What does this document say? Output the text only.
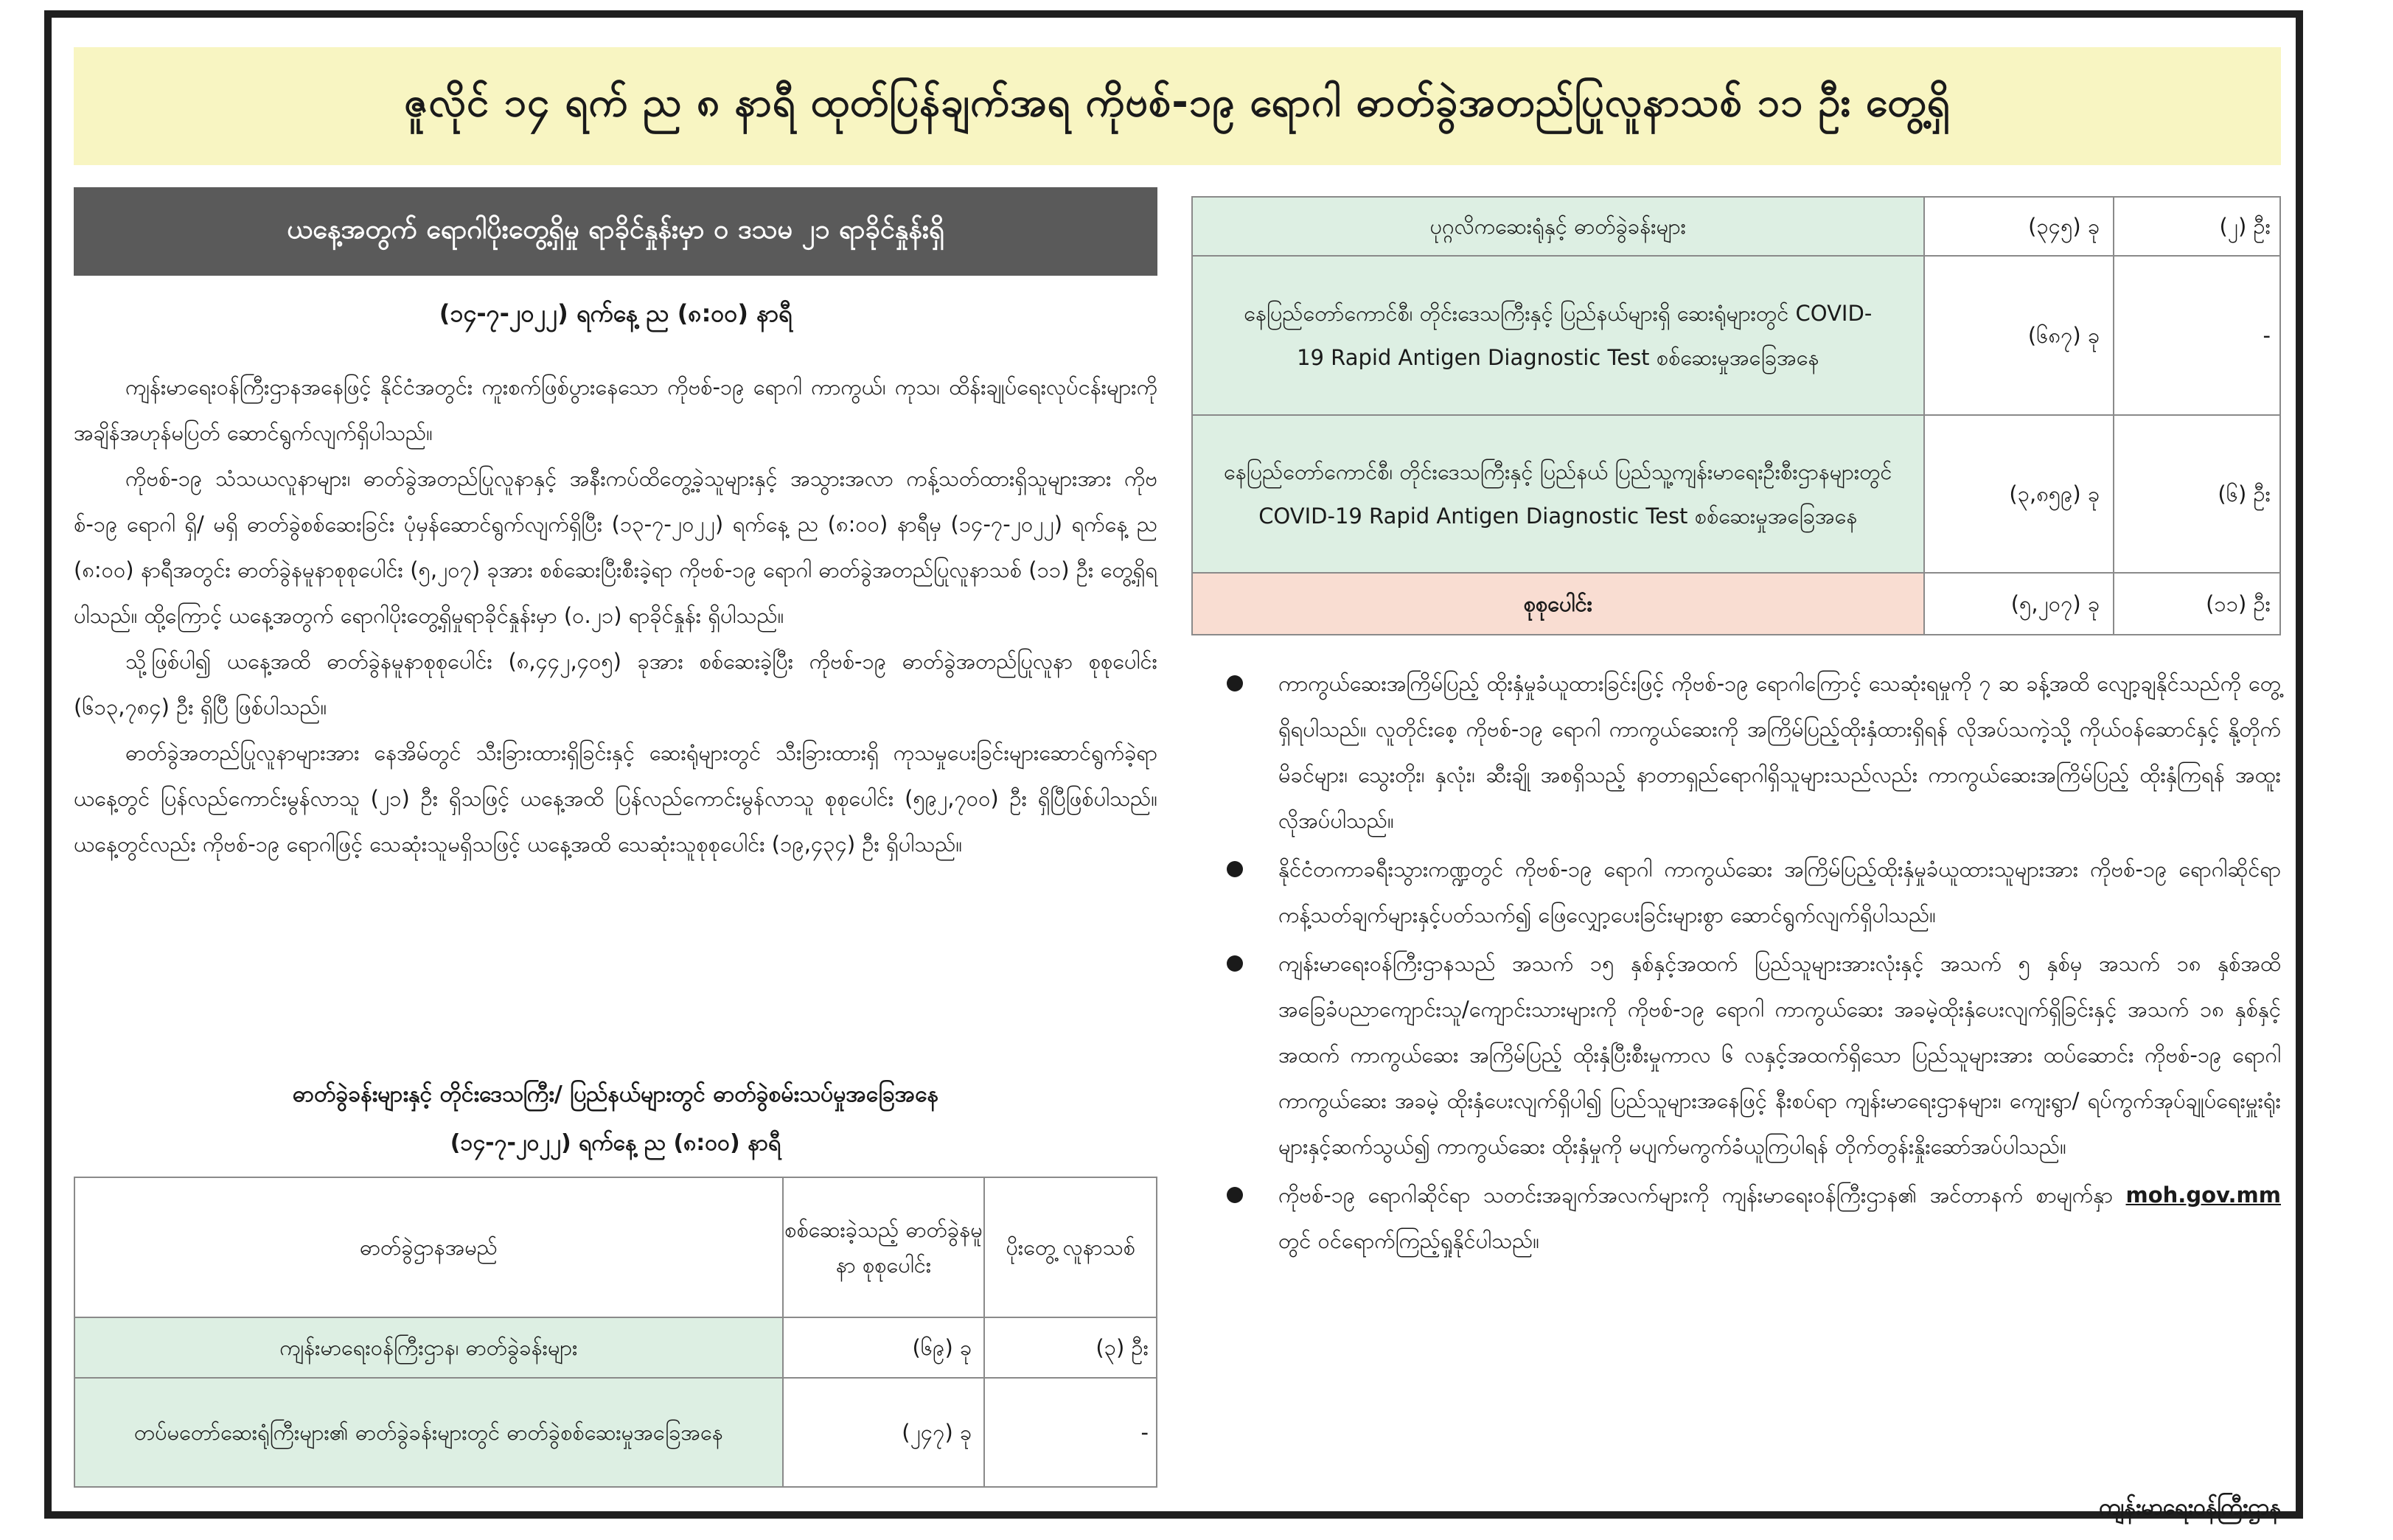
ဇူလိုင် ၁၄ ရက် ည ၈ နာရီ ထုတ်ပြန်ချက်အရ ကိုဗစ်-၁၉ ရောဂါ ဓာတ်ခွဲအတည်ပြုလူနာသစ် ၁၁ ဦး တွေ့ရှိ
ယနေ့အတွက် ရောဂါပိုးတွေ့ရှိမှု ရာခိုင်နှုန်းမှာ ၀ ဒသမ ၂၁ ရာခိုင်နှုန်းရှိ
(၁၄-၇-၂၀၂၂) ရက်နေ့ ည (၈:၀၀) နာရီ

ကျန်းမာရေးဝန်ကြီးဌာနအနေဖြင့် နိုင်ငံအတွင်း ကူးစက်ဖြစ်ပွားနေသော ကိုဗစ်-၁၉ ရောဂါ ကာကွယ်၊ ကုသ၊ ထိန်းချုပ်ရေးလုပ်ငန်းများကို အချိန်အဟုန်မပြတ် ဆောင်ရွက်လျက်ရှိပါသည်။

ကိုဗစ်-၁၉ သံသယလူနာများ၊ ဓာတ်ခွဲအတည်ပြုလူနာနှင့် အနီးကပ်ထိတွေ့ခဲ့သူများနှင့် အသွားအလာ ကန့်သတ်ထားရှိသူများအား ကိုဗစ်-၁၉ ရောဂါ ရှိ/ မရှိ ဓာတ်ခွဲစစ်ဆေးခြင်း ပုံမှန်ဆောင်ရွက်လျက်ရှိပြီး (၁၃-၇-၂၀၂၂) ရက်နေ့ ည (၈:၀၀) နာရီမှ (၁၄-၇-၂၀၂၂) ရက်နေ့ ည (၈:၀၀) နာရီအတွင်း ဓာတ်ခွဲနမူနာစုစုပေါင်း (၅,၂၀၇) ခုအား စစ်ဆေးပြီးစီးခဲ့ရာ ကိုဗစ်-၁၉ ရောဂါ ဓာတ်ခွဲအတည်ပြုလူနာသစ် (၁၁) ဦး တွေ့ရှိရပါသည်။ ထို့ကြောင့် ယနေ့အတွက် ရောဂါပိုးတွေ့ရှိမှုရာခိုင်နှုန်းမှာ (၀.၂၁) ရာခိုင်နှုန်း ရှိပါသည်။

သို့ဖြစ်ပါ၍ ယနေ့အထိ ဓာတ်ခွဲနမူနာစုစုပေါင်း (၈,၄၄၂,၄၀၅) ခုအား စစ်ဆေးခဲ့ပြီး ကိုဗစ်-၁၉ ဓာတ်ခွဲအတည်ပြုလူနာ စုစုပေါင်း (၆၁၃,၇၈၄) ဦး ရှိပြီ ဖြစ်ပါသည်။

ဓာတ်ခွဲအတည်ပြုလူနာများအား နေအိမ်တွင် သီးခြားထားရှိခြင်းနှင့် ဆေးရုံများတွင် သီးခြားထားရှိ ကုသမှုပေးခြင်းများဆောင်ရွက်ခဲ့ရာ ယနေ့တွင် ပြန်လည်ကောင်းမွန်လာသူ (၂၁) ဦး ရှိသဖြင့် ယနေ့အထိ ပြန်လည်ကောင်းမွန်လာသူ စုစုပေါင်း (၅၉၂,၇၀၀) ဦး ရှိပြီဖြစ်ပါသည်။ ယနေ့တွင်လည်း ကိုဗစ်-၁၉ ရောဂါဖြင့် သေဆုံးသူမရှိသဖြင့် ယနေ့အထိ သေဆုံးသူစုစုပေါင်း (၁၉,၄၃၄) ဦး ရှိပါသည်။

ဓာတ်ခွဲခန်းများနှင့် တိုင်းဒေသကြီး/ ပြည်နယ်များတွင် ဓာတ်ခွဲစမ်းသပ်မှုအခြေအနေ
(၁၄-၇-၂၀၂၂) ရက်နေ့ ည (၈:၀၀) နာရီ
ဓာတ်ခွဲဌာနအမည်	စစ်ဆေးခဲ့သည့် ဓာတ်ခွဲနမူနာ စုစုပေါင်း	ပိုးတွေ့ လူနာသစ်
ကျန်းမာရေးဝန်ကြီးဌာန၊ ဓာတ်ခွဲခန်းများ	(၆၉) ခု	(၃) ဦး
တပ်မတော်ဆေးရုံကြီးများ၏ ဓာတ်ခွဲခန်းများတွင် ဓာတ်ခွဲစစ်ဆေးမှုအခြေအနေ	(၂၄၇) ခု	-
ပုဂ္ဂလိကဆေးရုံနှင့် ဓာတ်ခွဲခန်းများ	(၃၄၅) ခု	(၂) ဦး
နေပြည်တော်ကောင်စီ၊ တိုင်းဒေသကြီးနှင့် ပြည်နယ်များရှိ ဆေးရုံများတွင် COVID-19 Rapid Antigen Diagnostic Test စစ်ဆေးမှုအခြေအနေ	(၆၈၇) ခု	-
နေပြည်တော်ကောင်စီ၊ တိုင်းဒေသကြီးနှင့် ပြည်နယ် ပြည်သူ့ကျန်းမာရေးဦးစီးဌာနများတွင် COVID-19 Rapid Antigen Diagnostic Test စစ်ဆေးမှုအခြေအနေ	(၃,၈၅၉) ခု	(၆) ဦး
စုစုပေါင်း	(၅,၂၀၇) ခု	(၁၁) ဦး
ကာကွယ်ဆေးအကြိမ်ပြည့် ထိုးနှံမှုခံယူထားခြင်းဖြင့် ကိုဗစ်-၁၉ ရောဂါကြောင့် သေဆုံးရမှုကို ၇ ဆ ခန့်အထိ လျော့ချနိုင်သည်ကို တွေ့ရှိရပါသည်။ လူတိုင်းစေ့ ကိုဗစ်-၁၉ ရောဂါ ကာကွယ်ဆေးကို အကြိမ်ပြည့်ထိုးနှံထားရှိရန် လိုအပ်သကဲ့သို့ ကိုယ်ဝန်ဆောင်နှင့် နို့တိုက်မိခင်များ၊ သွေးတိုး၊ နှလုံး၊ ဆီးချို အစရှိသည့် နာတာရှည်ရောဂါရှိသူများသည်လည်း ကာကွယ်ဆေးအကြိမ်ပြည့် ထိုးနှံကြရန် အထူးလိုအပ်ပါသည်။
နိုင်ငံတကာခရီးသွားကဏ္ဍတွင် ကိုဗစ်-၁၉ ရောဂါ ကာကွယ်ဆေး အကြိမ်ပြည့်ထိုးနှံမှုခံယူထားသူများအား ကိုဗစ်-၁၉ ရောဂါဆိုင်ရာ ကန့်သတ်ချက်များနှင့်ပတ်သက်၍ ဖြေလျှော့ပေးခြင်းများစွာ ဆောင်ရွက်လျက်ရှိပါသည်။
ကျန်းမာရေးဝန်ကြီးဌာနသည် အသက် ၁၅ နှစ်နှင့်အထက် ပြည်သူများအားလုံးနှင့် အသက် ၅ နှစ်မှ အသက် ၁၈ နှစ်အထိ အခြေခံပညာကျောင်းသူ/ကျောင်းသားများကို ကိုဗစ်-၁၉ ရောဂါ ကာကွယ်ဆေး အခမဲ့ထိုးနှံပေးလျက်ရှိခြင်းနှင့် အသက် ၁၈ နှစ်နှင့်အထက် ကာကွယ်ဆေး အကြိမ်ပြည့် ထိုးနှံပြီးစီးမှုကာလ ၆ လနှင့်အထက်ရှိသော ပြည်သူများအား ထပ်ဆောင်း ကိုဗစ်-၁၉ ရောဂါ ကာကွယ်ဆေး အခမဲ့ ထိုးနှံပေးလျက်ရှိပါ၍ ပြည်သူများအနေဖြင့် နီးစပ်ရာ ကျန်းမာရေးဌာနများ၊ ကျေးရွာ/ ရပ်ကွက်အုပ်ချုပ်ရေးမှူးရုံးများနှင့်ဆက်သွယ်၍ ကာကွယ်ဆေး ထိုးနှံမှုကို မပျက်မကွက်ခံယူကြပါရန် တိုက်တွန်းနှိုးဆော်အပ်ပါသည်။
ကိုဗစ်-၁၉ ရောဂါဆိုင်ရာ သတင်းအချက်အလက်များကို ကျန်းမာရေးဝန်ကြီးဌာန၏ အင်တာနက် စာမျက်နှာ moh.gov.mm တွင် ဝင်ရောက်ကြည့်ရှုနိုင်ပါသည်။
ကျန်းမာရေးဝန်ကြီးဌာန
